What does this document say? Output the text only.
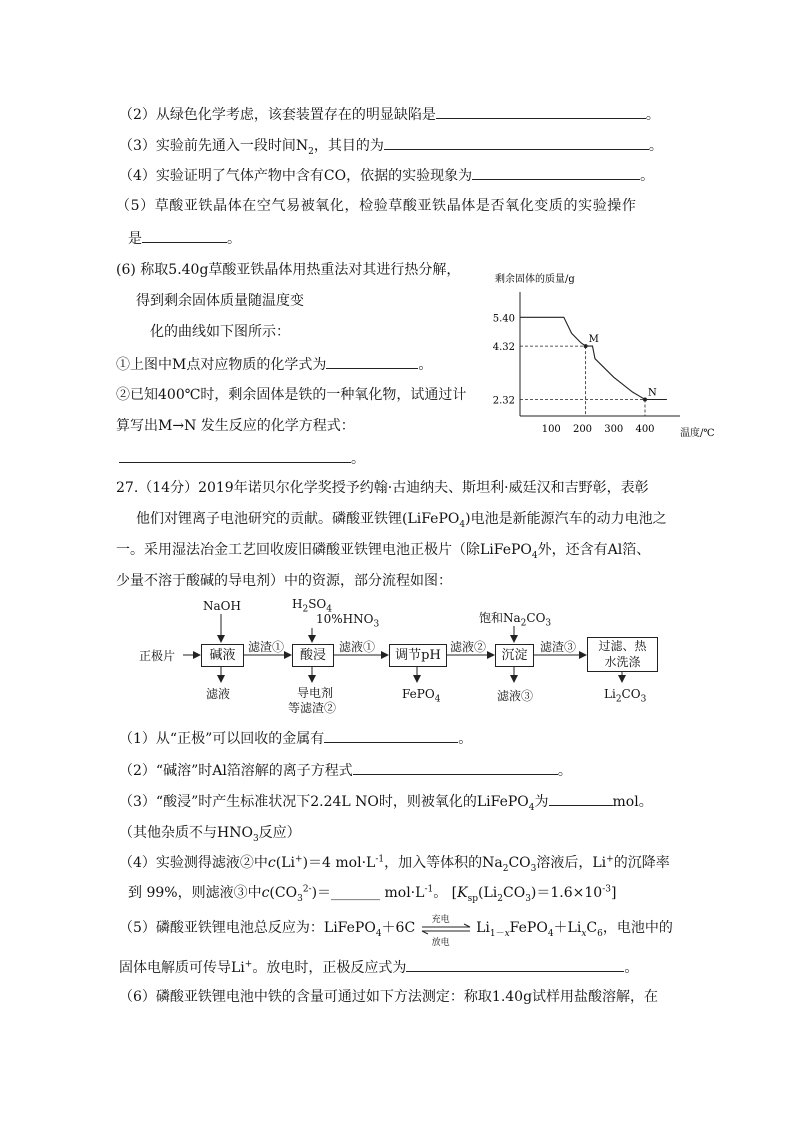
（2）从绿色化学考虑，该套装置存在的明显缺陷是	。
（3）实验前先通入一段时间$N_2$，其目的为	。
（4）实验证明了气体产物中含有CO，依据的实验现象为	。
（5）草酸亚铁晶体在空气易被氧化，检验草酸亚铁晶体是否氧化变质的实验操作
是	。
(6) 称取5.40g草酸亚铁晶体用热重法对其进行热分解，
得到剩余固体质量随温度变
化的曲线如下图所示：
①上图中M点对应物质的化学式为	。
②已知400℃时，剩余固体是铁的一种氧化物，试通过计
算写出M→N 发生反应的化学方程式：
。
剩余固体的质量/g
温度/℃
100 200 300 400
2.32
4.32
5.40
M
N
27.（14分）2019年诺贝尔化学奖授予约翰·古迪纳夫、斯坦利·威廷汉和吉野彰，表彰
他们对锂离子电池研究的贡献。磷酸亚铁锂(LiFePO$_4$)电池是新能源汽车的动力电池之
一。采用湿法冶金工艺回收废旧磷酸亚铁锂电池正极片（除LiFePO$_4$外，还含有Al箔、
少量不溶于酸碱的导电剂）中的资源，部分流程如图：
正极片	碱液	酸浸	调节pH	沉淀
过滤、热
水洗涤
NaOH	$H_2SO_4$
$10\%HNO_3$	饱和$Na_2CO_3$
滤渣①	滤液①	滤液②	滤渣③
滤液	导电剂
等滤渣②
FePO$_4$	滤液③	$Li_2CO_3$
（1）从“正极”可以回收的金属有	。
（2）“碱溶”时Al箔溶解的离子方程式	。
（3）“酸浸”时产生标准状况下2.24L NO时，则被氧化的LiFePO$_4$为	mol。
（其他杂质不与$HNO_3$反应）
（4）实验测得滤液②中c(Li+)＝4 $mol\cdot L^{-1}$，加入等体积的$Na_2CO_3$溶液后，Li+的沉降率
到 99%，则滤液③中$c(CO_3^{2-})=\_\_\_\_\_\_\_$ $mol\cdot L^{-1}$。 $[K_{sp}(Li_2CO_3)=1.6\times 10^{-3}]$
（5）磷酸亚铁锂电池总反应为：LiFePO$_4$＋6C 充电
放电
$Li_{1-x}FePO_4+Li_xC_6$，电池中的
固体电解质可传导Li+。放电时，正极反应式为	。
（6）磷酸亚铁锂电池中铁的含量可通过如下方法测定：称取1.40g试样用盐酸溶解，在
